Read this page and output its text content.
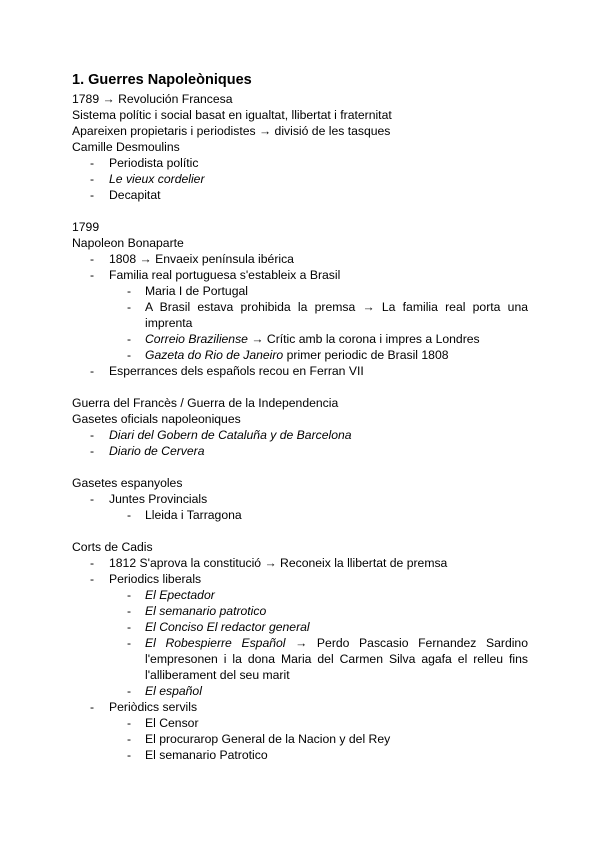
1. Guerres Napoleòniques
1789 → Revolución Francesa
Sistema polític i social basat en igualtat, llibertat i fraternitat
Apareixen propietaris i periodistes → divisió de les tasques
Camille Desmoulins
- Periodista polític
- Le vieux cordelier
- Decapitat
1799
Napoleon Bonaparte
- 1808 → Envaeix península ibérica
- Familia real portuguesa s'estableix a Brasil
- Maria I de Portugal
- A Brasil estava prohibida la premsa → La familia real porta una
imprenta
- Correio Braziliense → Crític amb la corona i impres a Londres
- Gazeta do Rio de Janeiro primer periodic de Brasil 1808
- Esperrances dels españols recou en Ferran VII
Guerra del Francès / Guerra de la Independencia
Gasetes oficials napoleoniques
- Diari del Gobern de Cataluña y de Barcelona
- Diario de Cervera
Gasetes espanyoles
- Juntes Provincials
- Lleida i Tarragona
Corts de Cadis
- 1812 S'aprova la constitució → Reconeix la llibertat de premsa
- Periodics liberals
- El Epectador
- El semanario patrotico
- El Conciso El redactor general
- El Robespierre Español → Perdo Pascasio Fernandez Sardino
l'empresonen i la dona Maria del Carmen Silva agafa el relleu fins
l'alliberament del seu marit
- El español
- Periòdics servils
- El Censor
- El procurarор General de la Nacion y del Rey
- El semanario Patrotico
